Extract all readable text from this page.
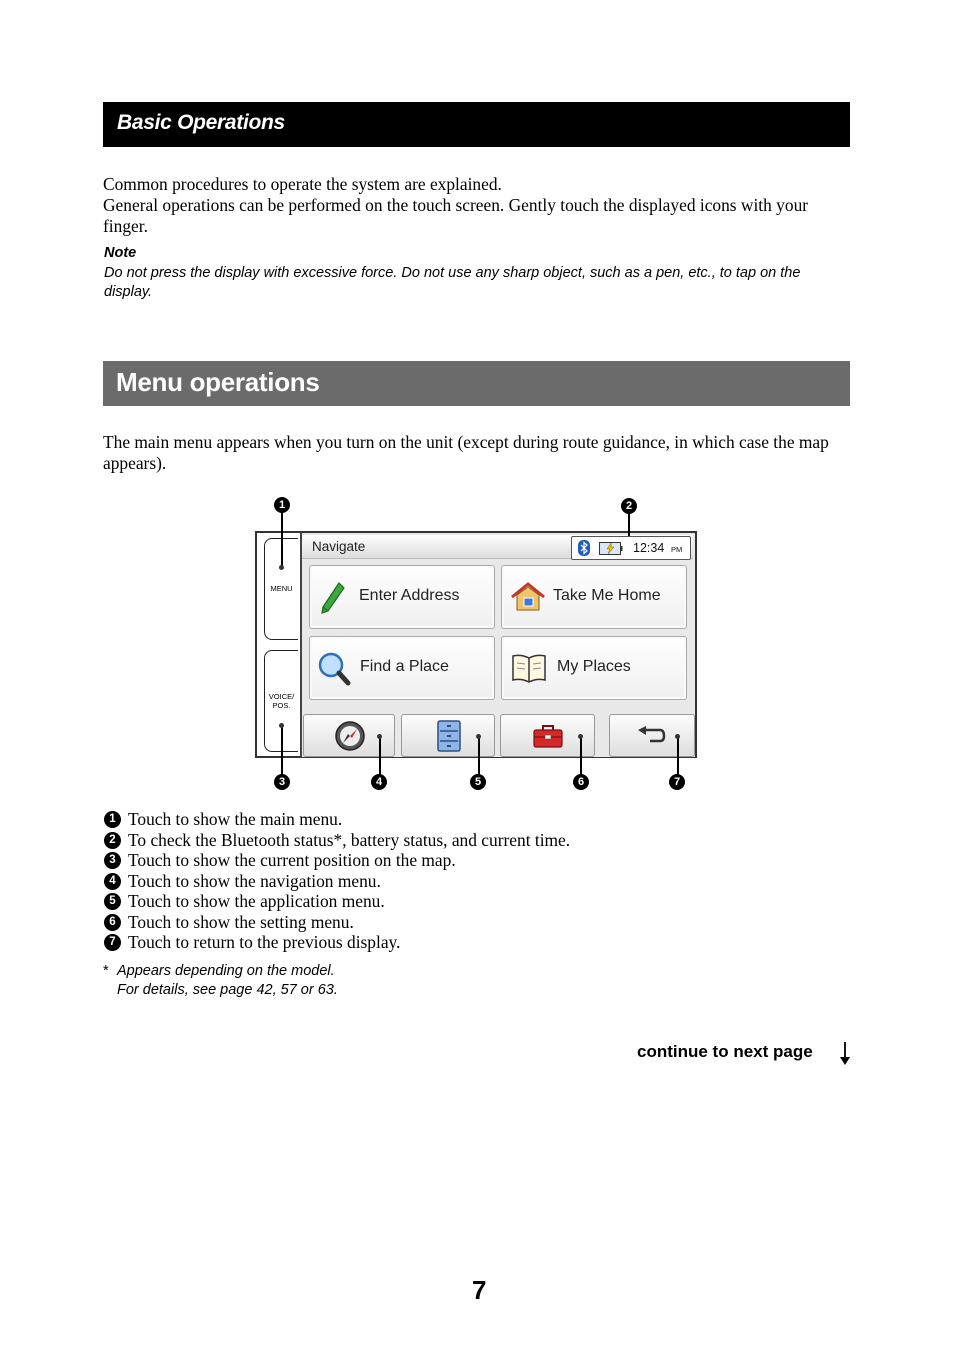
Basic Operations
Common procedures to operate the system are explained.
General operations can be performed on the touch screen. Gently touch the displayed icons with your finger.
Note
Do not press the display with excessive force. Do not use any sharp object, such as a pen, etc., to tap on the display.
Menu operations
The main menu appears when you turn on the unit (except during route guidance, in which case the map appears).
MENU
VOICE/ POS.
Navigate	12:34 PM
Enter Address	Take Me Home
Find a Place	My Places
1	2
3	4	5	6	7
1 Touch to show the main menu.
2 To check the Bluetooth status*, battery status, and current time.
3 Touch to show the current position on the map.
4 Touch to show the navigation menu.
5 Touch to show the application menu.
6 Touch to show the setting menu.
7 Touch to return to the previous display.
* Appears depending on the model.
For details, see page 42, 57 or 63.
continue to next page
7
